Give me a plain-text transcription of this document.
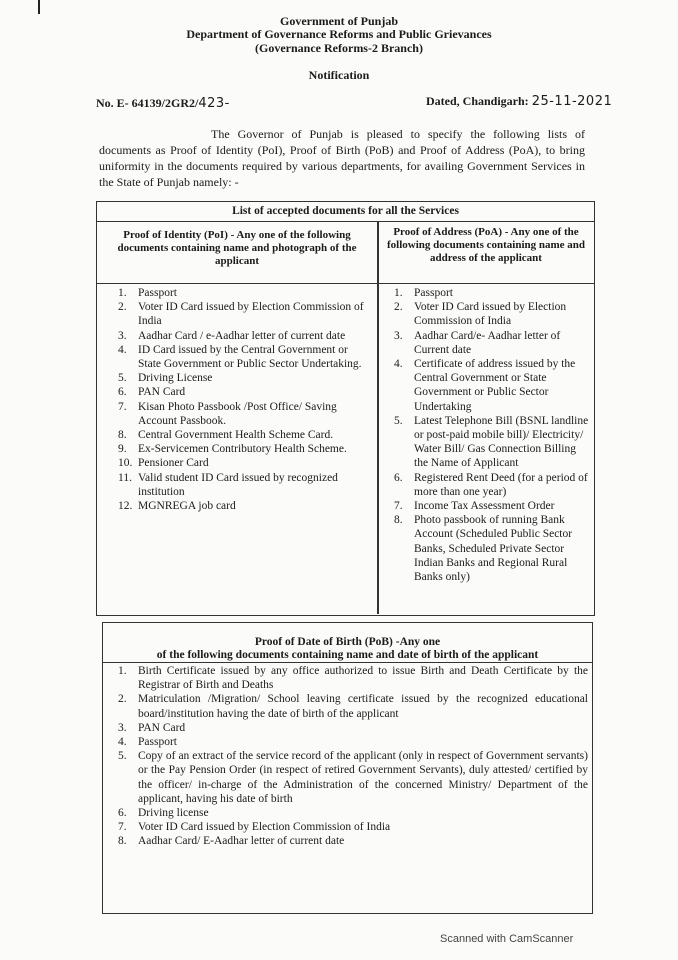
Government of Punjab
Department of Governance Reforms and Public Grievances
(Governance Reforms-2 Branch)
Notification
No. E- 64139/2GR2/423-	Dated, Chandigarh: 25-11-2021
The Governor of Punjab is pleased to specify the following lists of documents as Proof of Identity (PoI), Proof of Birth (PoB) and Proof of Address (PoA), to bring uniformity in the documents required by various departments, for availing Government Services in the State of Punjab namely: -
List of accepted documents for all the Services
Proof of Identity (PoI) - Any one of the following documents containing name and photograph of the applicant
Proof of Address (PoA) - Any one of the following documents containing name and address of the applicant
1. Passport
2. Voter ID Card issued by Election Commission of India
3. Aadhar Card / e-Aadhar letter of current date
4. ID Card issued by the Central Government or State Government or Public Sector Undertaking.
5. Driving License
6. PAN Card
7. Kisan Photo Passbook /Post Office/ Saving Account Passbook.
8. Central Government Health Scheme Card.
9. Ex-Servicemen Contributory Health Scheme.
10. Pensioner Card
11. Valid student ID Card issued by recognized institution
12. MGNREGA job card
1. Passport
2. Voter ID Card issued by Election Commission of India
3. Aadhar Card/e- Aadhar letter of Current date
4. Certificate of address issued by the Central Government or State Government or Public Sector Undertaking
5. Latest Telephone Bill (BSNL landline or post-paid mobile bill)/ Electricity/ Water Bill/ Gas Connection Billing the Name of Applicant
6. Registered Rent Deed (for a period of more than one year)
7. Income Tax Assessment Order
8. Photo passbook of running Bank Account (Scheduled Public Sector Banks, Scheduled Private Sector Indian Banks and Regional Rural Banks only)
Proof of Date of Birth (PoB) -Any one
of the following documents containing name and date of birth of the applicant
1. Birth Certificate issued by any office authorized to issue Birth and Death Certificate by the Registrar of Birth and Deaths
2. Matriculation /Migration/ School leaving certificate issued by the recognized educational board/institution having the date of birth of the applicant
3. PAN Card
4. Passport
5. Copy of an extract of the service record of the applicant (only in respect of Government servants) or the Pay Pension Order (in respect of retired Government Servants), duly attested/ certified by the officer/ in-charge of the Administration of the concerned Ministry/ Department of the applicant, having his date of birth
6. Driving license
7. Voter ID Card issued by Election Commission of India
8. Aadhar Card/ E-Aadhar letter of current date
Scanned with CamScanner
